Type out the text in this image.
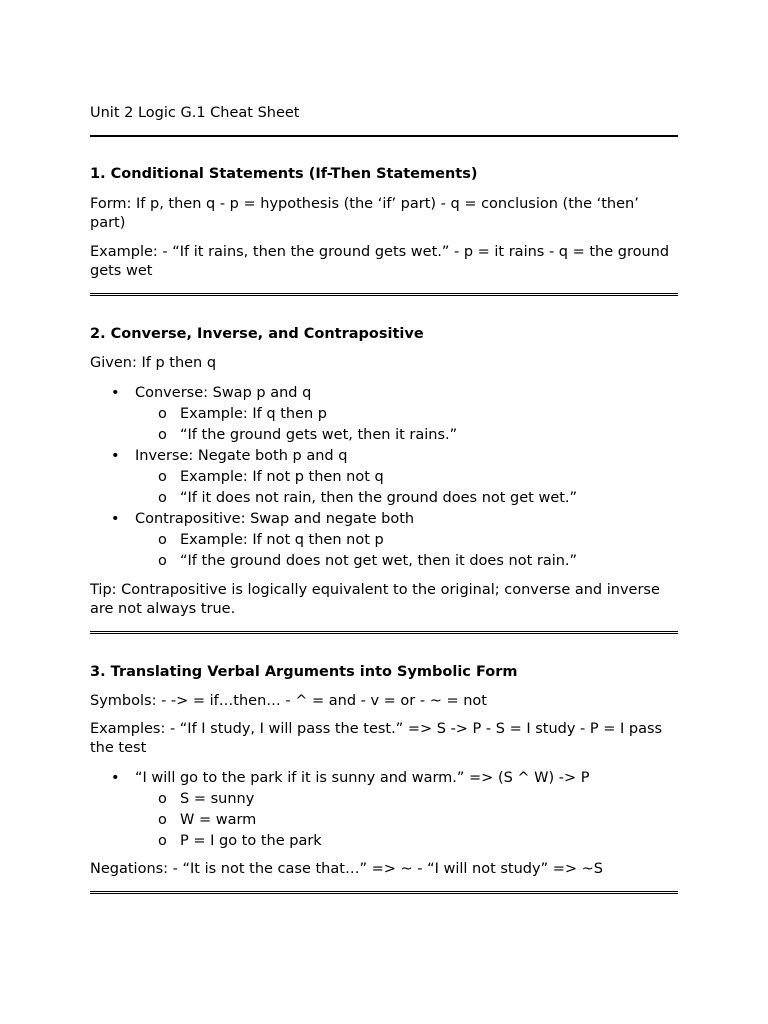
Unit 2 Logic G.1 Cheat Sheet

1. Conditional Statements (If-Then Statements)

Form: If p, then q - p = hypothesis (the ‘if’ part) - q = conclusion (the ‘then’ part)

Example: - “If it rains, then the ground gets wet.” - p = it rains - q = the ground gets wet

2. Converse, Inverse, and Contrapositive

Given: If p then q

• Converse: Swap p and q
o Example: If q then p
o “If the ground gets wet, then it rains.”
• Inverse: Negate both p and q
o Example: If not p then not q
o “If it does not rain, then the ground does not get wet.”
• Contrapositive: Swap and negate both
o Example: If not q then not p
o “If the ground does not get wet, then it does not rain.”

Tip: Contrapositive is logically equivalent to the original; converse and inverse are not always true.

3. Translating Verbal Arguments into Symbolic Form

Symbols: - -> = if…then… - ^ = and - v = or - ~ = not

Examples: - “If I study, I will pass the test.” => S -> P - S = I study - P = I pass the test

• “I will go to the park if it is sunny and warm.” => (S ^ W) -> P
o S = sunny
o W = warm
o P = I go to the park

Negations: - “It is not the case that…” => ~ - “I will not study” => ~S
